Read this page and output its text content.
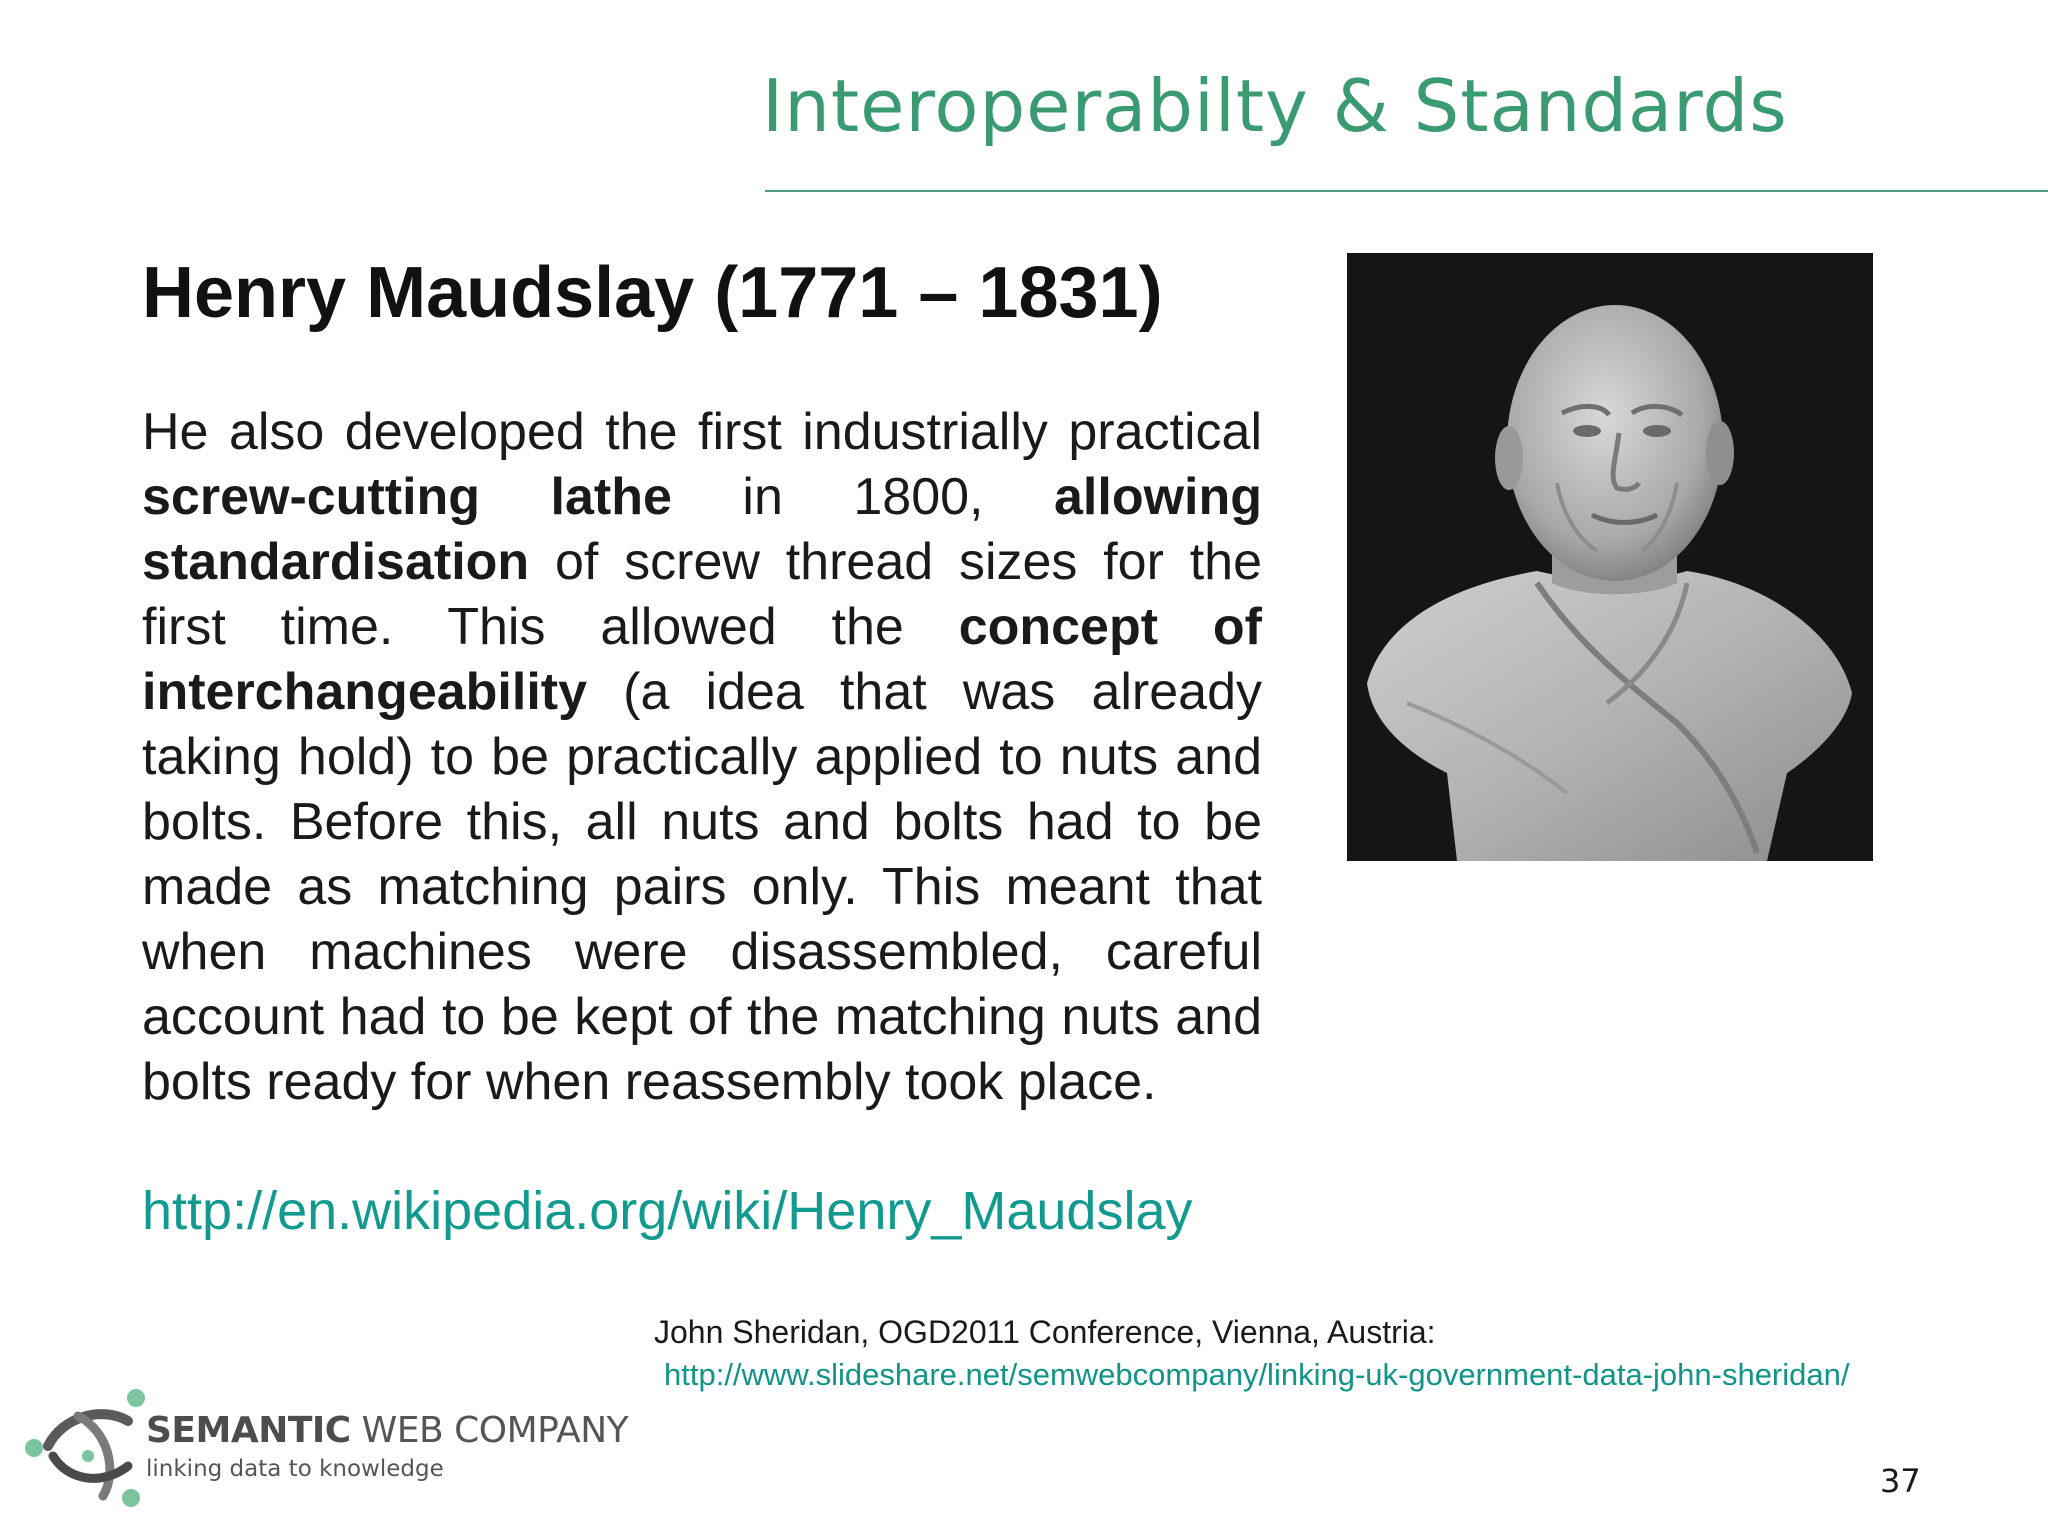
Interoperabilty & Standards
Henry Maudslay (1771 – 1831)
He also developed the first industrially practical screw-cutting lathe in 1800, allowing standardisation of screw thread sizes for the first time. This allowed the concept of interchangeability (a idea that was already taking hold) to be practically applied to nuts and bolts. Before this, all nuts and bolts had to be made as matching pairs only. This meant that when machines were disassembled, careful account had to be kept of the matching nuts and bolts ready for when reassembly took place.
http://en.wikipedia.org/wiki/Henry_Maudslay
John Sheridan, OGD2011 Conference, Vienna, Austria:
http://www.slideshare.net/semwebcompany/linking-uk-government-data-john-sheridan/
SEMANTIC WEB COMPANY
linking data to knowledge	37
